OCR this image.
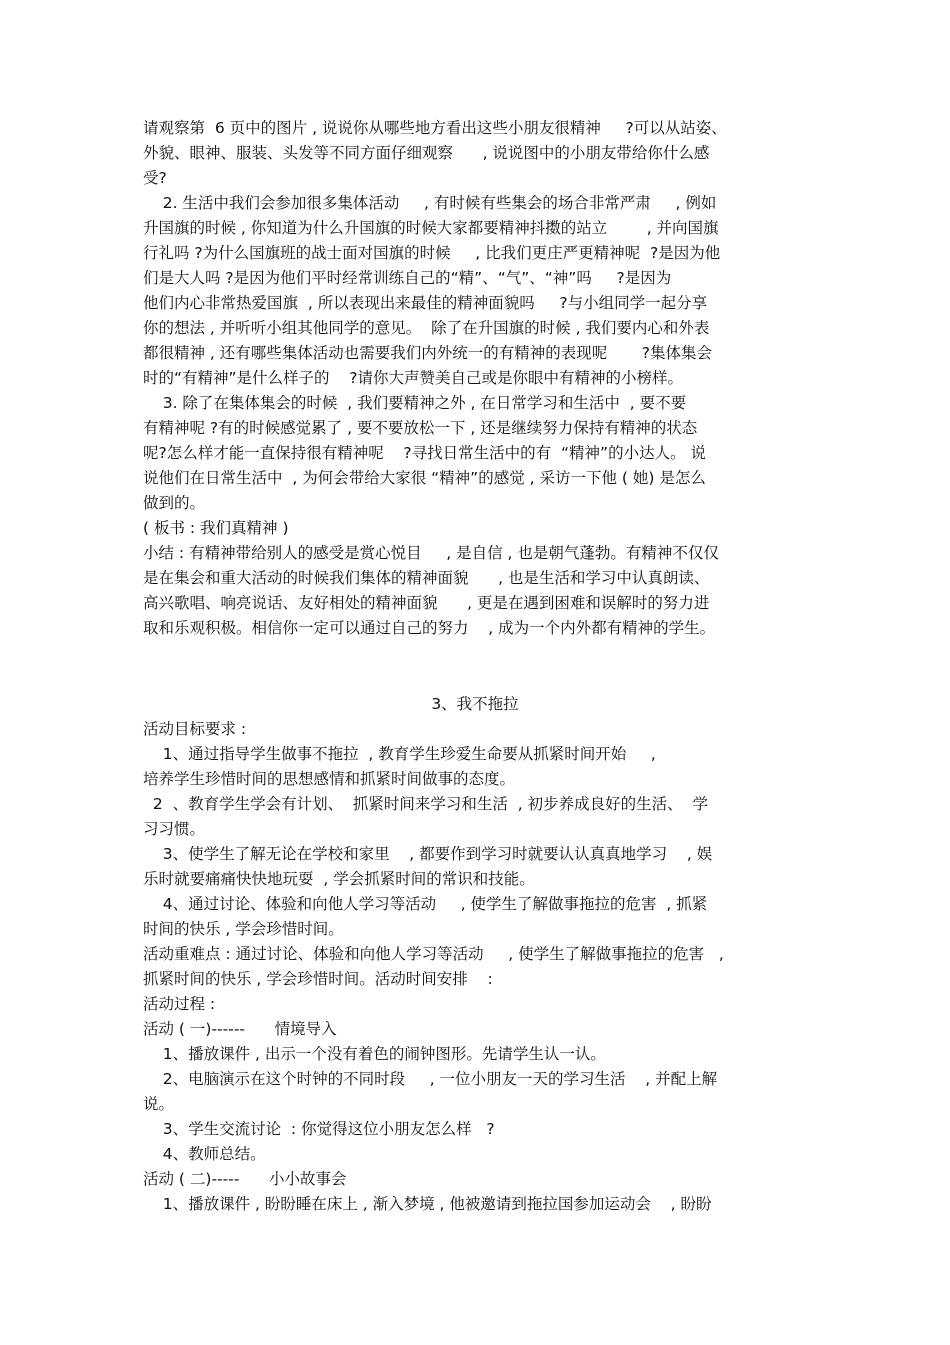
请观察第  6 页中的图片 , 说说你从哪些地方看出这些小朋友很精神     ?可以从站姿、
外貌、眼神、服装、头发等不同方面仔细观察      , 说说图中的小朋友带给你什么感
受?
2. 生活中我们会参加很多集体活动     , 有时候有些集会的场合非常严肃     , 例如
升国旗的时候 , 你知道为什么升国旗的时候大家都要精神抖擞的站立        , 并向国旗
行礼吗 ?为什么国旗班的战士面对国旗的时候     , 比我们更庄严更精神呢  ?是因为他
们是大人吗 ?是因为他们平时经常训练自己的“精”、“气”、“神”吗     ?是因为
他们内心非常热爱国旗  , 所以表现出来最佳的精神面貌吗     ?与小组同学一起分享
你的想法 , 并听听小组其他同学的意见。  除了在升国旗的时候 , 我们要内心和外表
都很精神 , 还有哪些集体活动也需要我们内外统一的有精神的表现呢       ?集体集会
时的“有精神”是什么样子的    ?请你大声赞美自己或是你眼中有精神的小榜样。
3. 除了在集体集会的时候  , 我们要精神之外 , 在日常学习和生活中  , 要不要
有精神呢 ?有的时候感觉累了 , 要不要放松一下 , 还是继续努力保持有精神的状态
呢?怎么样才能一直保持很有精神呢    ?寻找日常生活中的有  “精神”的小达人。 说
说他们在日常生活中  , 为何会带给大家很 “精神”的感觉 , 采访一下他 ( 她) 是怎么
做到的。
( 板书 : 我们真精神 )
小结 : 有精神带给别人的感受是赏心悦目     , 是自信 , 也是朝气蓬勃。有精神不仅仅
是在集会和重大活动的时候我们集体的精神面貌      , 也是生活和学习中认真朗读、
高兴歌唱、响亮说话、友好相处的精神面貌      , 更是在遇到困难和误解时的努力进
取和乐观积极。相信你一定可以通过自己的努力    , 成为一个内外都有精神的学生。
3、我不拖拉
活动目标要求 :
1、通过指导学生做事不拖拉  , 教育学生珍爱生命要从抓紧时间开始     ,
培养学生珍惜时间的思想感情和抓紧时间做事的态度。
2  、教育学生学会有计划、  抓紧时间来学习和生活  , 初步养成良好的生活、  学
习习惯。
3、使学生了解无论在学校和家里    , 都要作到学习时就要认认真真地学习    , 娱
乐时就要痛痛快快地玩耍  , 学会抓紧时间的常识和技能。
4、通过讨论、体验和向他人学习等活动     , 使学生了解做事拖拉的危害  , 抓紧
时间的快乐 , 学会珍惜时间。
活动重难点 : 通过讨论、体验和向他人学习等活动     , 使学生了解做事拖拉的危害   ,
抓紧时间的快乐 , 学会珍惜时间。活动时间安排    :
活动过程 :
活动 ( 一)------      情境导入
1、播放课件 , 出示一个没有着色的闹钟图形。先请学生认一认。
2、电脑演示在这个时钟的不同时段     , 一位小朋友一天的学习生活    , 并配上解
说。
3、学生交流讨论  : 你觉得这位小朋友怎么样   ?
4、教师总结。
活动 ( 二)-----      小小故事会
1、播放课件 , 盼盼睡在床上 , 渐入梦境 , 他被邀请到拖拉国参加运动会    , 盼盼
